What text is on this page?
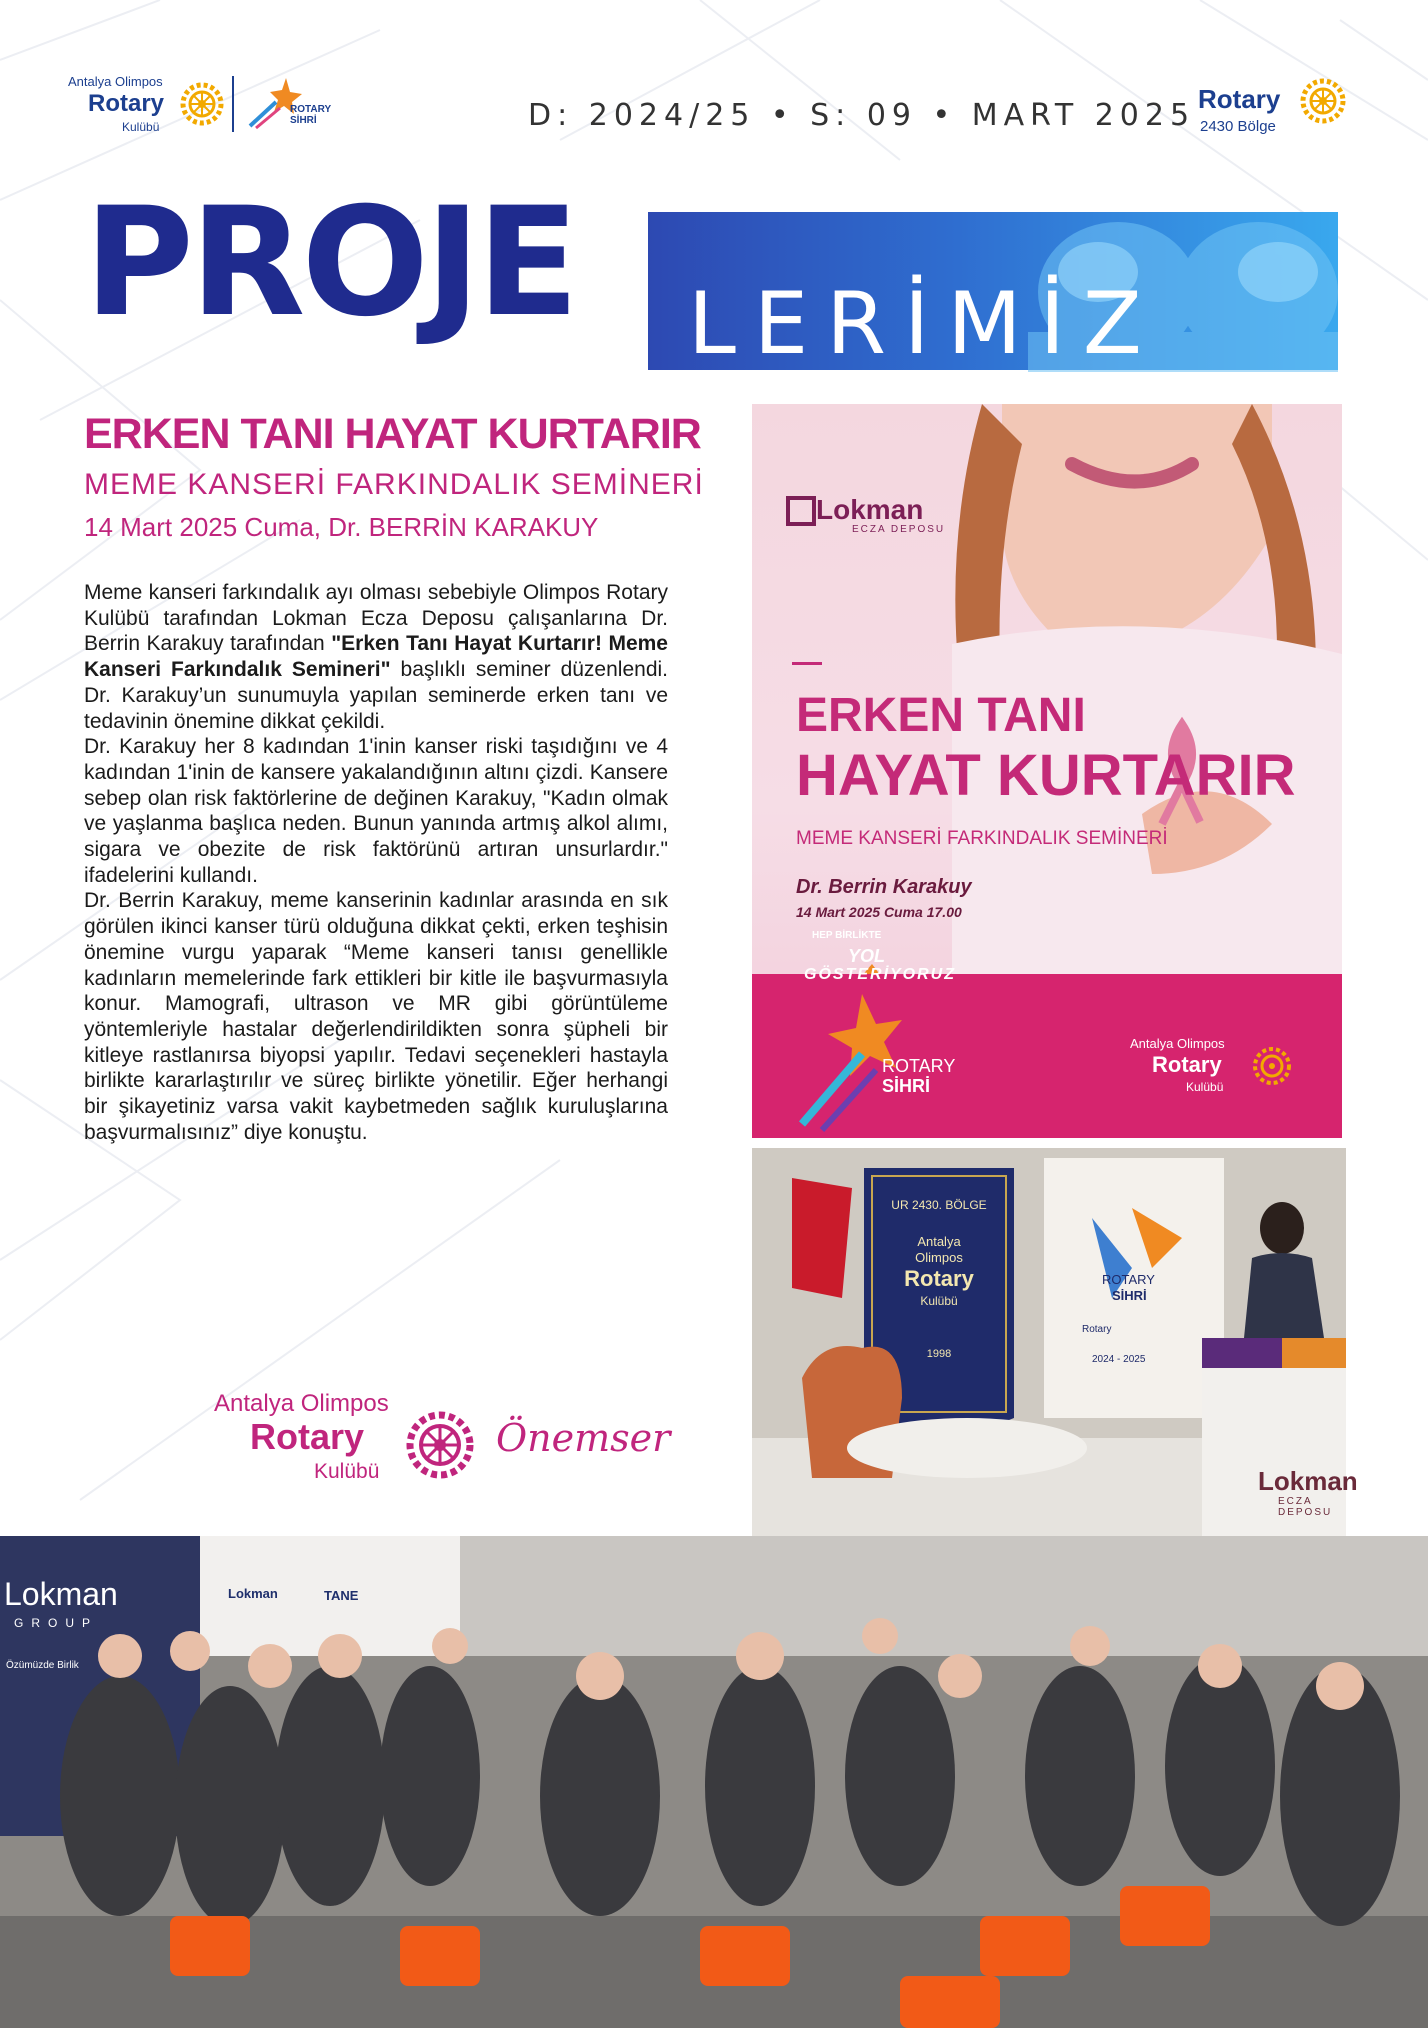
Antalya Olimpos
Rotary
Kulübü
ROTARY
SİHRİ	D: 2024/25 • S: 09 • MART 2025 Rotary
2430 Bölge
LERİMİZ
PROJE
ERKEN TANI HAYAT KURTARIR
MEME KANSERİ FARKINDALIK SEMİNERİ
14 Mart 2025 Cuma, Dr. BERRİN KARAKUY

Meme kanseri farkındalık ayı olması sebebiyle Olimpos Rotary Kulübü tarafından Lokman Ecza Deposu çalışanlarına Dr. Berrin Karakuy tarafından "Erken Tanı Hayat Kurtarır! Meme Kanseri Farkındalık Semineri" başlıklı seminer düzenlendi. Dr. Karakuy’un sunumuyla yapılan seminerde erken tanı ve tedavinin önemine dikkat çekildi.

Dr. Karakuy her 8 kadından 1'inin kanser riski taşıdığını ve 4 kadından 1'inin de kansere yakalandığının altını çizdi. Kansere sebep olan risk faktörlerine de değinen Karakuy, "Kadın olmak ve yaşlanma başlıca neden. Bunun yanında artmış alkol alımı, sigara ve obezite de risk faktörünü artıran unsurlardır." ifadelerini kullandı.

Dr. Berrin Karakuy, meme kanserinin kadınlar arasında en sık görülen ikinci kanser türü olduğuna dikkat çekti, erken teşhisin önemine vurgu yaparak “Meme kanseri tanısı genellikle kadınların memelerinde fark ettikleri bir kitle ile başvurmasıyla konur. Mamografi, ultrason ve MR gibi görüntüleme yöntemleriyle hastalar değerlendirildikten sonra şüpheli bir kitleye rastlanırsa biyopsi yapılır. Tedavi seçenekleri hastayla birlikte kararlaştırılır ve süreç birlikte yönetilir. Eğer herhangi bir şikayetiniz varsa vakit kaybetmeden sağlık kuruluşlarına başvurmalısınız” diye konuştu.

Antalya Olimpos
Rotary
Kulübü
Önemser
Lokman
ECZA DEPOSU
ERKEN TANI
HAYAT KURTARIR
MEME KANSERİ FARKINDALIK SEMİNERİ
Dr. Berrin Karakuy
14 Mart 2025 Cuma 17.00
HEP BİRLİKTE
YOL
GÖSTERİYORUZ
ROTARY
SİHRİ
Antalya Olimpos
Rotary
Kulübü
UR 2430. BÖLGE
Antalya
Olimpos
Rotary
Kulübü
1998
ROTARY
SİHRİ
Rotary
2024 - 2025
Lokman
ECZA DEPOSU
Lokman
GROUP
Özümüzde Birlik
Lokman	TANE
